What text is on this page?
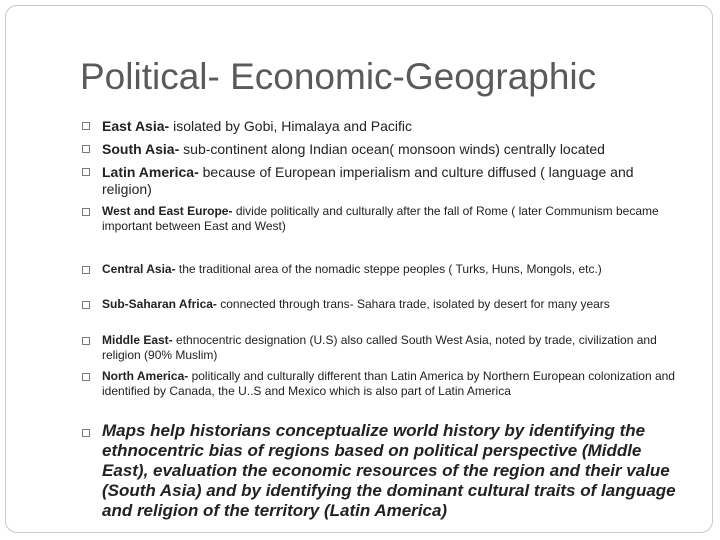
Political- Economic-Geographic
East Asia- isolated by Gobi, Himalaya and Pacific
South Asia- sub-continent along Indian ocean( monsoon winds) centrally located
Latin America- because of European imperialism and culture diffused ( language and religion)
West and East Europe- divide politically and culturally after the fall of Rome ( later Communism became important between East and West)
Central Asia- the traditional area of the nomadic steppe peoples ( Turks, Huns, Mongols, etc.)
Sub-Saharan Africa- connected through trans- Sahara trade, isolated by desert for many years
Middle East- ethnocentric designation (U.S) also called South West Asia, noted by trade, civilization and religion (90% Muslim)
North America- politically and culturally different than Latin America by Northern European colonization and identified by Canada, the U..S and Mexico which is also part of Latin America
Maps help historians conceptualize world history by identifying the ethnocentric bias of regions based on political perspective (Middle East), evaluation the economic resources of the region and their value (South Asia) and by identifying the dominant cultural traits of language and religion of the territory (Latin America)
